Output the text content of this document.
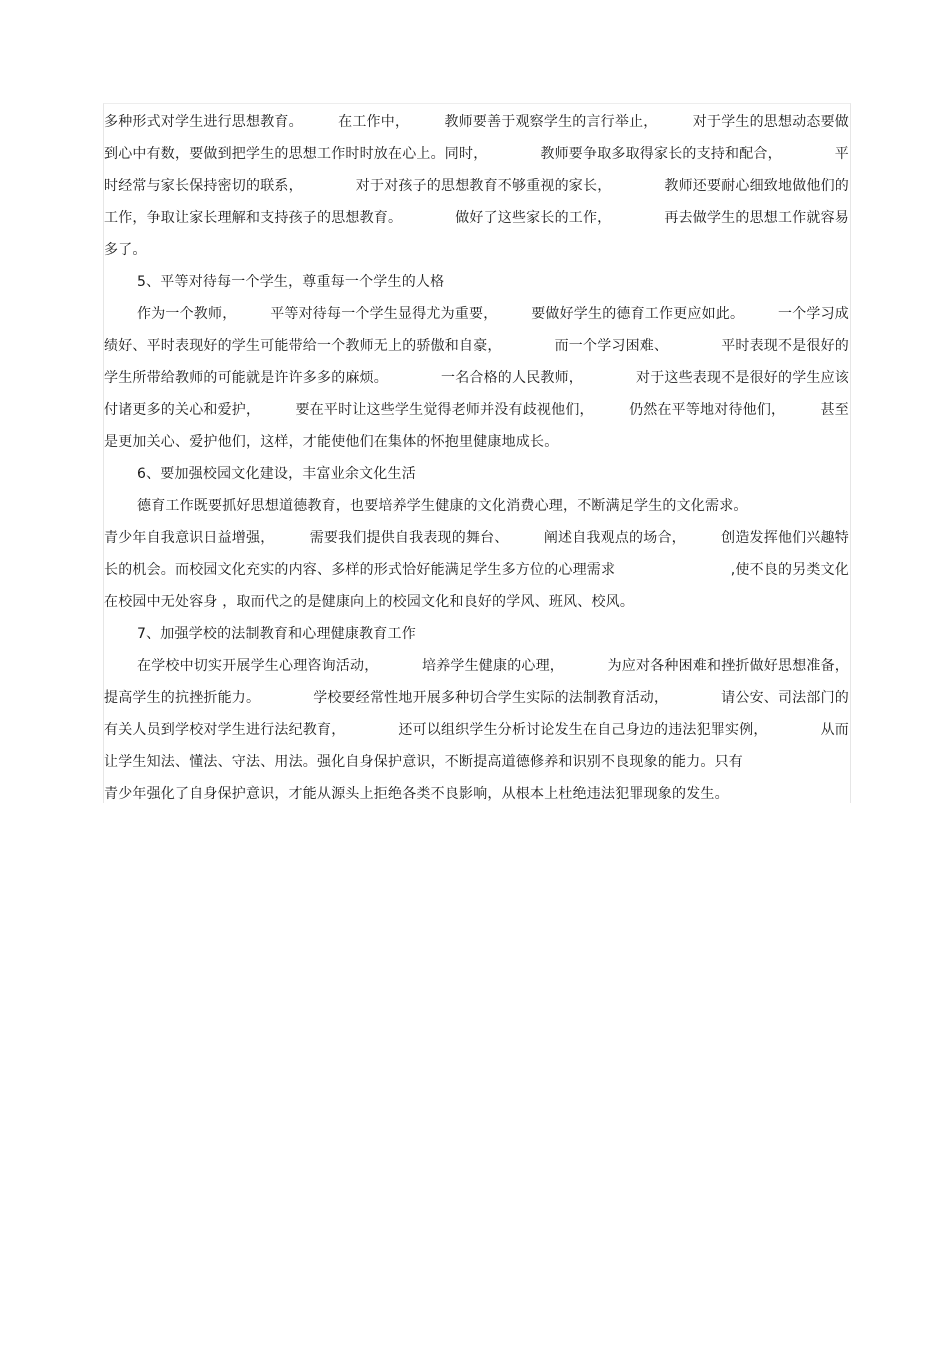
多种形式对学生进行思想教育。	在工作中，	教师要善于观察学生的言行举止，	对于学生的思想动态要做
到心中有数，要做到把学生的思想工作时时放在心上。同时，	教师要争取多取得家长的支持和配合，	平
时经常与家长保持密切的联系，	对于对孩子的思想教育不够重视的家长，	教师还要耐心细致地做他们的
工作，争取让家长理解和支持孩子的思想教育。	做好了这些家长的工作，	再去做学生的思想工作就容易
多了。
5、平等对待每一个学生，尊重每一个学生的人格
作为一个教师， 平等对待每一个学生显得尤为重要， 要做好学生的德育工作更应如此。 一个学习成
绩好、平时表现好的学生可能带给一个教师无上的骄傲和自豪，	而一个学习困难、	平时表现不是很好的
学生所带给教师的可能就是许许多多的麻烦。	一名合格的人民教师，	对于这些表现不是很好的学生应该
付诸更多的关心和爱护，	要在平时让这些学生觉得老师并没有歧视他们，	仍然在平等地对待他们，	甚至
是更加关心、爱护他们，这样，才能使他们在集体的怀抱里健康地成长。
6、要加强校园文化建设，丰富业余文化生活
德育工作既要抓好思想道德教育，也要培养学生健康的文化消费心理，不断满足学生的文化需求。
青少年自我意识日益增强，	需要我们提供自我表现的舞台、	阐述自我观点的场合，	创造发挥他们兴趣特
长的机会。而校园文化充实的内容、多样的形式恰好能满足学生多方位的心理需求	,使不良的另类文化
在校园中无处容身 ，取而代之的是健康向上的校园文化和良好的学风、班风、校风。
7、加强学校的法制教育和心理健康教育工作
在学校中切实开展学生心理咨询活动，	培养学生健康的心理，	为应对各种困难和挫折做好思想准备，
提高学生的抗挫折能力。	学校要经常性地开展多种切合学生实际的法制教育活动，	请公安、司法部门的
有关人员到学校对学生进行法纪教育，	还可以组织学生分析讨论发生在自己身边的违法犯罪实例，	从而
让学生知法、懂法、守法、用法。强化自身保护意识，不断提高道德修养和识别不良现象的能力。只有
青少年强化了自身保护意识，才能从源头上拒绝各类不良影响，从根本上杜绝违法犯罪现象的发生。
